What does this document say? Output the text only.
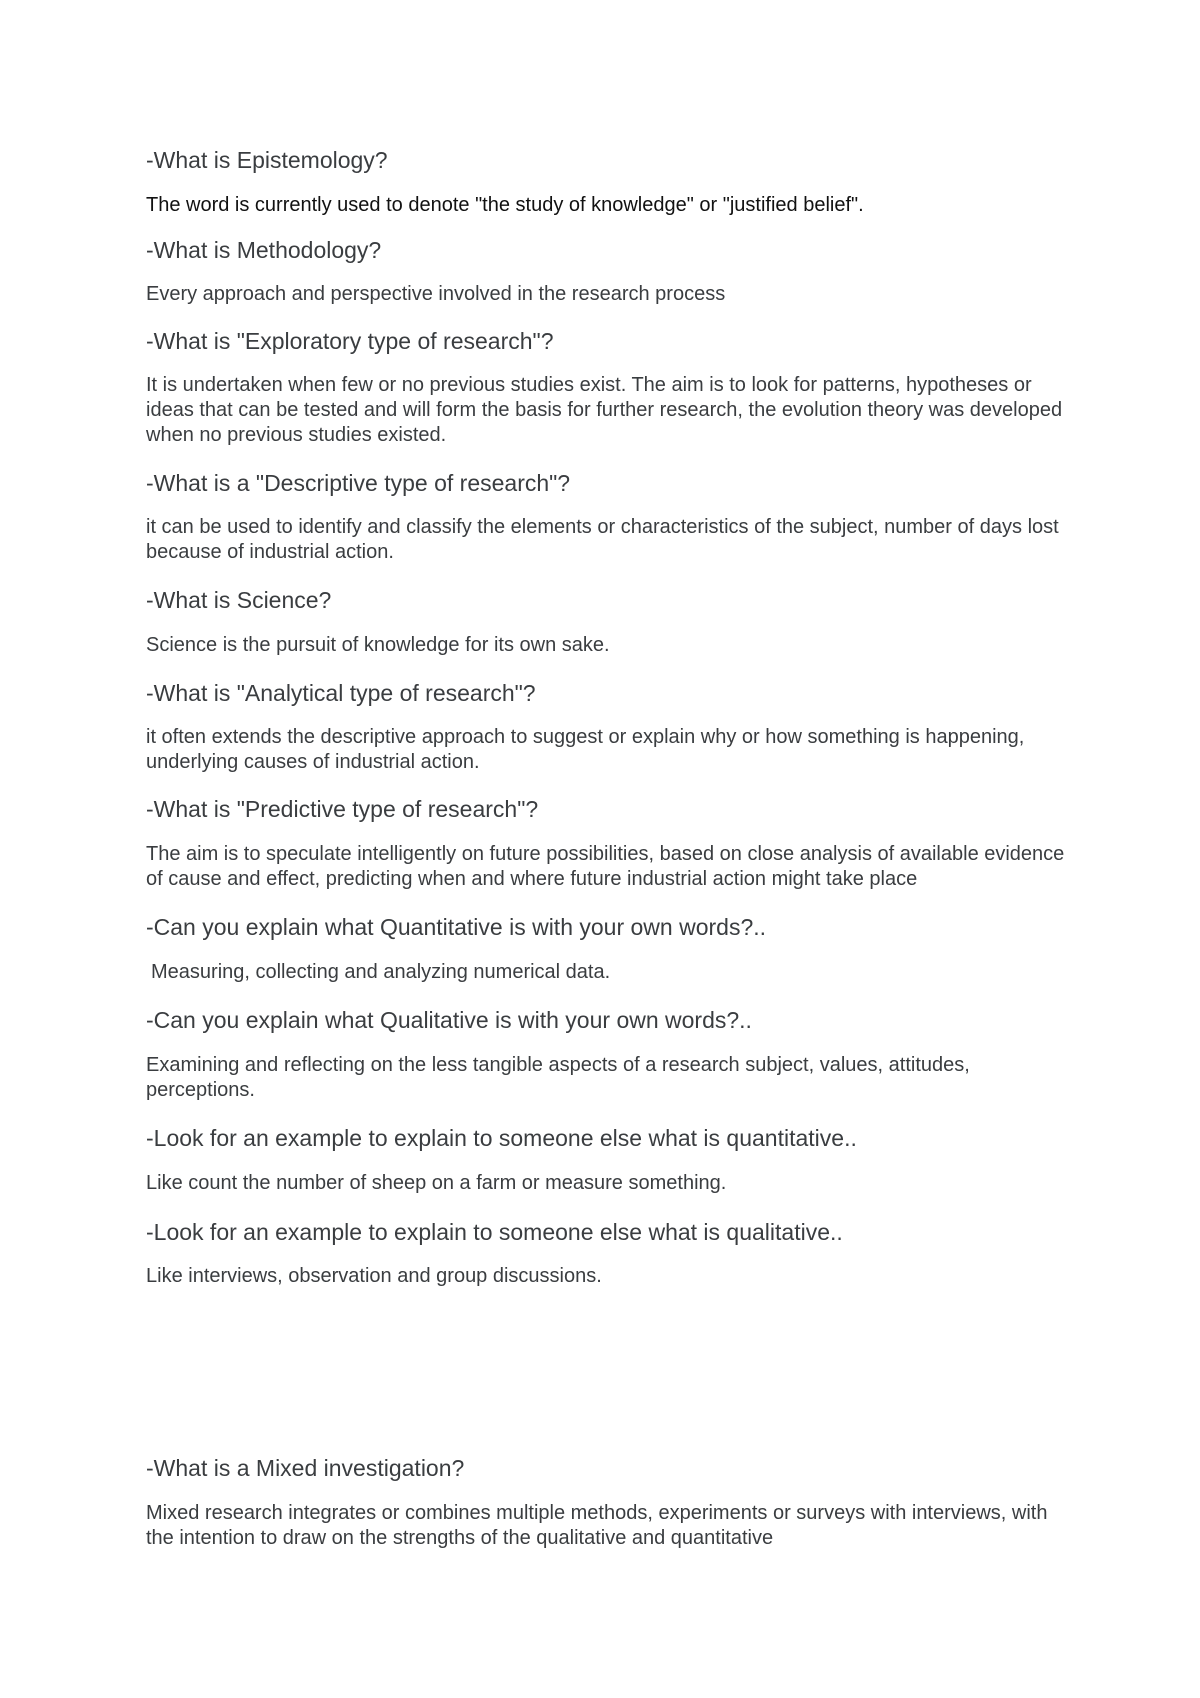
-What is Epistemology?

The word is currently used to denote "the study of knowledge" or "justified belief".

-What is Methodology?

Every approach and perspective involved in the research process

-What is "Exploratory type of research"?

It is undertaken when few or no previous studies exist. The aim is to look for patterns, hypotheses or ideas that can be tested and will form the basis for further research, the evolution theory was developed when no previous studies existed.

-What is a "Descriptive type of research"?

it can be used to identify and classify the elements or characteristics of the subject, number of days lost because of industrial action.

-What is Science?

Science is the pursuit of knowledge for its own sake.

-What is "Analytical type of research"?

it often extends the descriptive approach to suggest or explain why or how something is happening, underlying causes of industrial action.

-What is "Predictive type of research"?

The aim is to speculate intelligently on future possibilities, based on close analysis of available evidence of cause and effect, predicting when and where future industrial action might take place

-Can you explain what Quantitative is with your own words?..

Measuring, collecting and analyzing numerical data.

-Can you explain what Qualitative is with your own words?..

Examining and reflecting on the less tangible aspects of a research subject, values, attitudes, perceptions.

-Look for an example to explain to someone else what is quantitative..

Like count the number of sheep on a farm or measure something.

-Look for an example to explain to someone else what is qualitative..

Like interviews, observation and group discussions.

-What is a Mixed investigation?

Mixed research integrates or combines multiple methods, experiments or surveys with interviews, with the intention to draw on the strengths of the qualitative and quantitative
